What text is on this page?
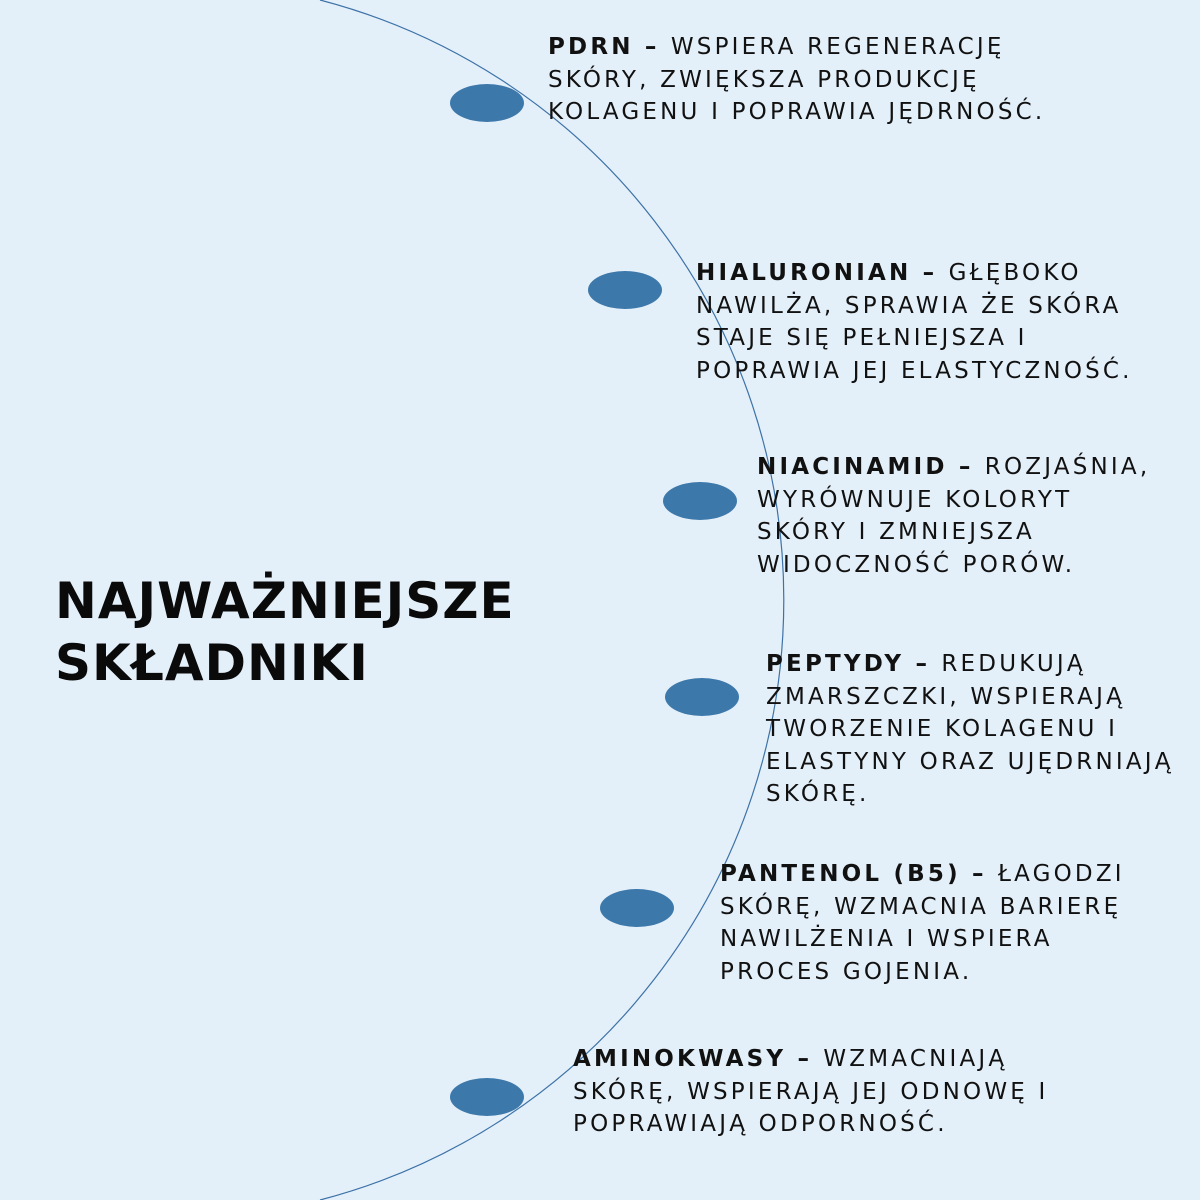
NAJWAŻNIEJSZE
SKŁADNIKI
PDRN – WSPIERA REGENERACJĘ
SKÓRY, ZWIĘKSZA PRODUKCJĘ
KOLAGENU I POPRAWIA JĘDRNOŚĆ.
HIALURONIAN – GŁĘBOKO
NAWILŻA, SPRAWIA ŻE SKÓRA
STAJE SIĘ PEŁNIEJSZA I
POPRAWIA JEJ ELASTYCZNOŚĆ.
NIACINAMID – ROZJAŚNIA,
WYRÓWNUJE KOLORYT
SKÓRY I ZMNIEJSZA
WIDOCZNOŚĆ PORÓW.
PEPTYDY – REDUKUJĄ
ZMARSZCZKI, WSPIERAJĄ
TWORZENIE KOLAGENU I
ELASTYNY ORAZ UJĘDRNIAJĄ
SKÓRĘ.
PANTENOL (B5) – ŁAGODZI
SKÓRĘ, WZMACNIA BARIERĘ
NAWILŻENIA I WSPIERA
PROCES GOJENIA.
AMINOKWASY – WZMACNIAJĄ
SKÓRĘ, WSPIERAJĄ JEJ ODNOWĘ I
POPRAWIAJĄ ODPORNOŚĆ.
